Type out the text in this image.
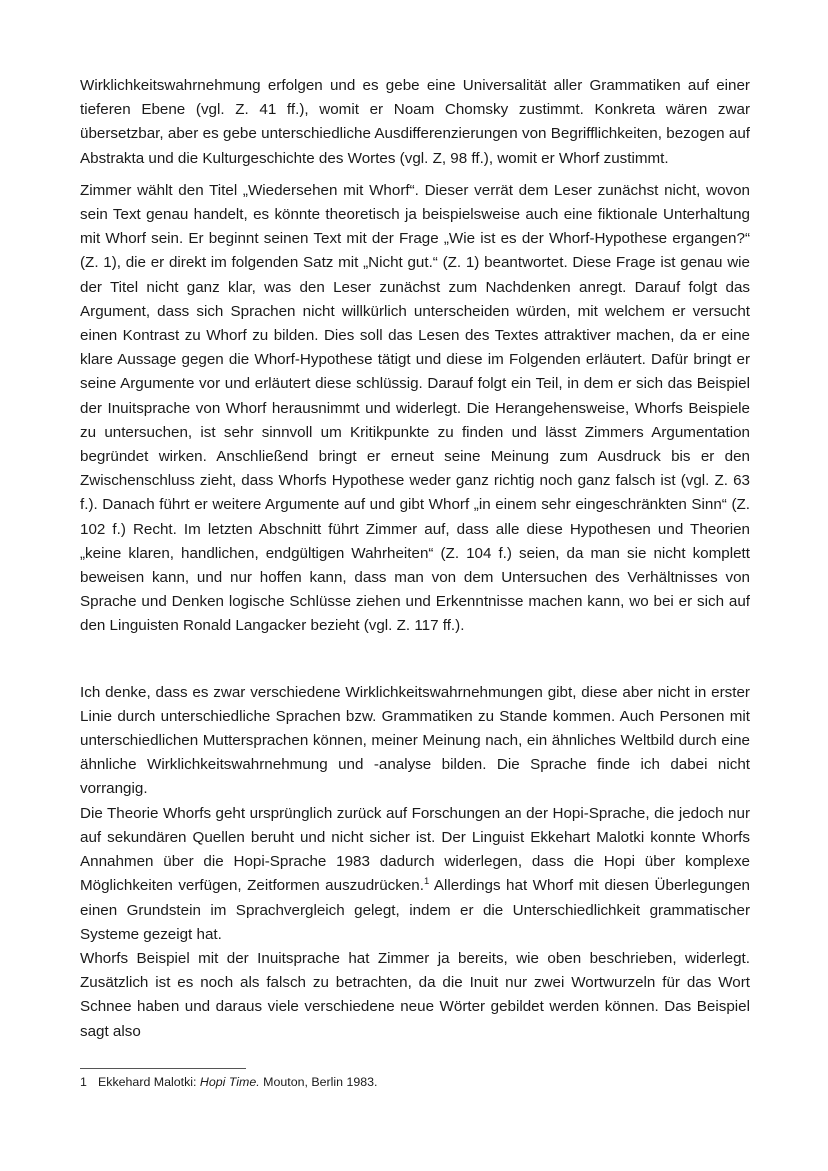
Wirklichkeitswahrnehmung erfolgen und es gebe eine Universalität aller Grammatiken auf einer tieferen Ebene (vgl. Z. 41 ff.), womit er Noam Chomsky zustimmt. Konkreta wären zwar übersetzbar, aber es gebe unterschiedliche Ausdifferenzierungen von Begrifflichkeiten, bezogen auf Abstrakta und die Kulturgeschichte des Wortes (vgl. Z, 98 ff.), womit er Whorf zustimmt.

Zimmer wählt den Titel „Wiedersehen mit Whorf“. Dieser verrät dem Leser zunächst nicht, wovon sein Text genau handelt, es könnte theoretisch ja beispielsweise auch eine fiktionale Unterhaltung mit Whorf sein. Er beginnt seinen Text mit der Frage „Wie ist es der Whorf-Hypothese ergangen?“ (Z. 1), die er direkt im folgenden Satz mit „Nicht gut.“ (Z. 1) beantwortet. Diese Frage ist genau wie der Titel nicht ganz klar, was den Leser zunächst zum Nachdenken anregt. Darauf folgt das Argument, dass sich Sprachen nicht willkürlich unterscheiden würden, mit welchem er versucht einen Kontrast zu Whorf zu bilden. Dies soll das Lesen des Textes attraktiver machen, da er eine klare Aussage gegen die Whorf-Hypothese tätigt und diese im Folgenden erläutert. Dafür bringt er seine Argumente vor und erläutert diese schlüssig. Darauf folgt ein Teil, in dem er sich das Beispiel der Inuitsprache von Whorf herausnimmt und widerlegt. Die Herangehensweise, Whorfs Beispiele zu untersuchen, ist sehr sinnvoll um Kritikpunkte zu finden und lässt Zimmers Argumentation begründet wirken. Anschließend bringt er erneut seine Meinung zum Ausdruck bis er den Zwischenschluss zieht, dass Whorfs Hypothese weder ganz richtig noch ganz falsch ist (vgl. Z. 63 f.). Danach führt er weitere Argumente auf und gibt Whorf „in einem sehr eingeschränkten Sinn“ (Z. 102 f.) Recht. Im letzten Abschnitt führt Zimmer auf, dass alle diese Hypothesen und Theorien „keine klaren, handlichen, endgültigen Wahrheiten“ (Z. 104 f.) seien, da man sie nicht komplett beweisen kann, und nur hoffen kann, dass man von dem Untersuchen des Verhältnisses von Sprache und Denken logische Schlüsse ziehen und Erkenntnisse machen kann, wo bei er sich auf den Linguisten Ronald Langacker bezieht (vgl. Z. 117 ff.).

Ich denke, dass es zwar verschiedene Wirklichkeitswahrnehmungen gibt, diese aber nicht in erster Linie durch unterschiedliche Sprachen bzw. Grammatiken zu Stande kommen. Auch Personen mit unterschiedlichen Muttersprachen können, meiner Meinung nach, ein ähnliches Weltbild durch eine ähnliche Wirklichkeitswahrnehmung und -analyse bilden. Die Sprache finde ich dabei nicht vorrangig.

Die Theorie Whorfs geht ursprünglich zurück auf Forschungen an der Hopi-Sprache, die jedoch nur auf sekundären Quellen beruht und nicht sicher ist. Der Linguist Ekkehart Malotki konnte Whorfs Annahmen über die Hopi-Sprache 1983 dadurch widerlegen, dass die Hopi über komplexe Möglichkeiten verfügen, Zeitformen auszudrücken.$^1$ Allerdings hat Whorf mit diesen Überlegungen einen Grundstein im Sprachvergleich gelegt, indem er die Unterschiedlichkeit grammatischer Systeme gezeigt hat.

Whorfs Beispiel mit der Inuitsprache hat Zimmer ja bereits, wie oben beschrieben, widerlegt. Zusätzlich ist es noch als falsch zu betrachten, da die Inuit nur zwei Wortwurzeln für das Wort Schnee haben und daraus viele verschiedene neue Wörter gebildet werden können. Das Beispiel sagt also

1 Ekkehard Malotki: Hopi Time. Mouton, Berlin 1983.
